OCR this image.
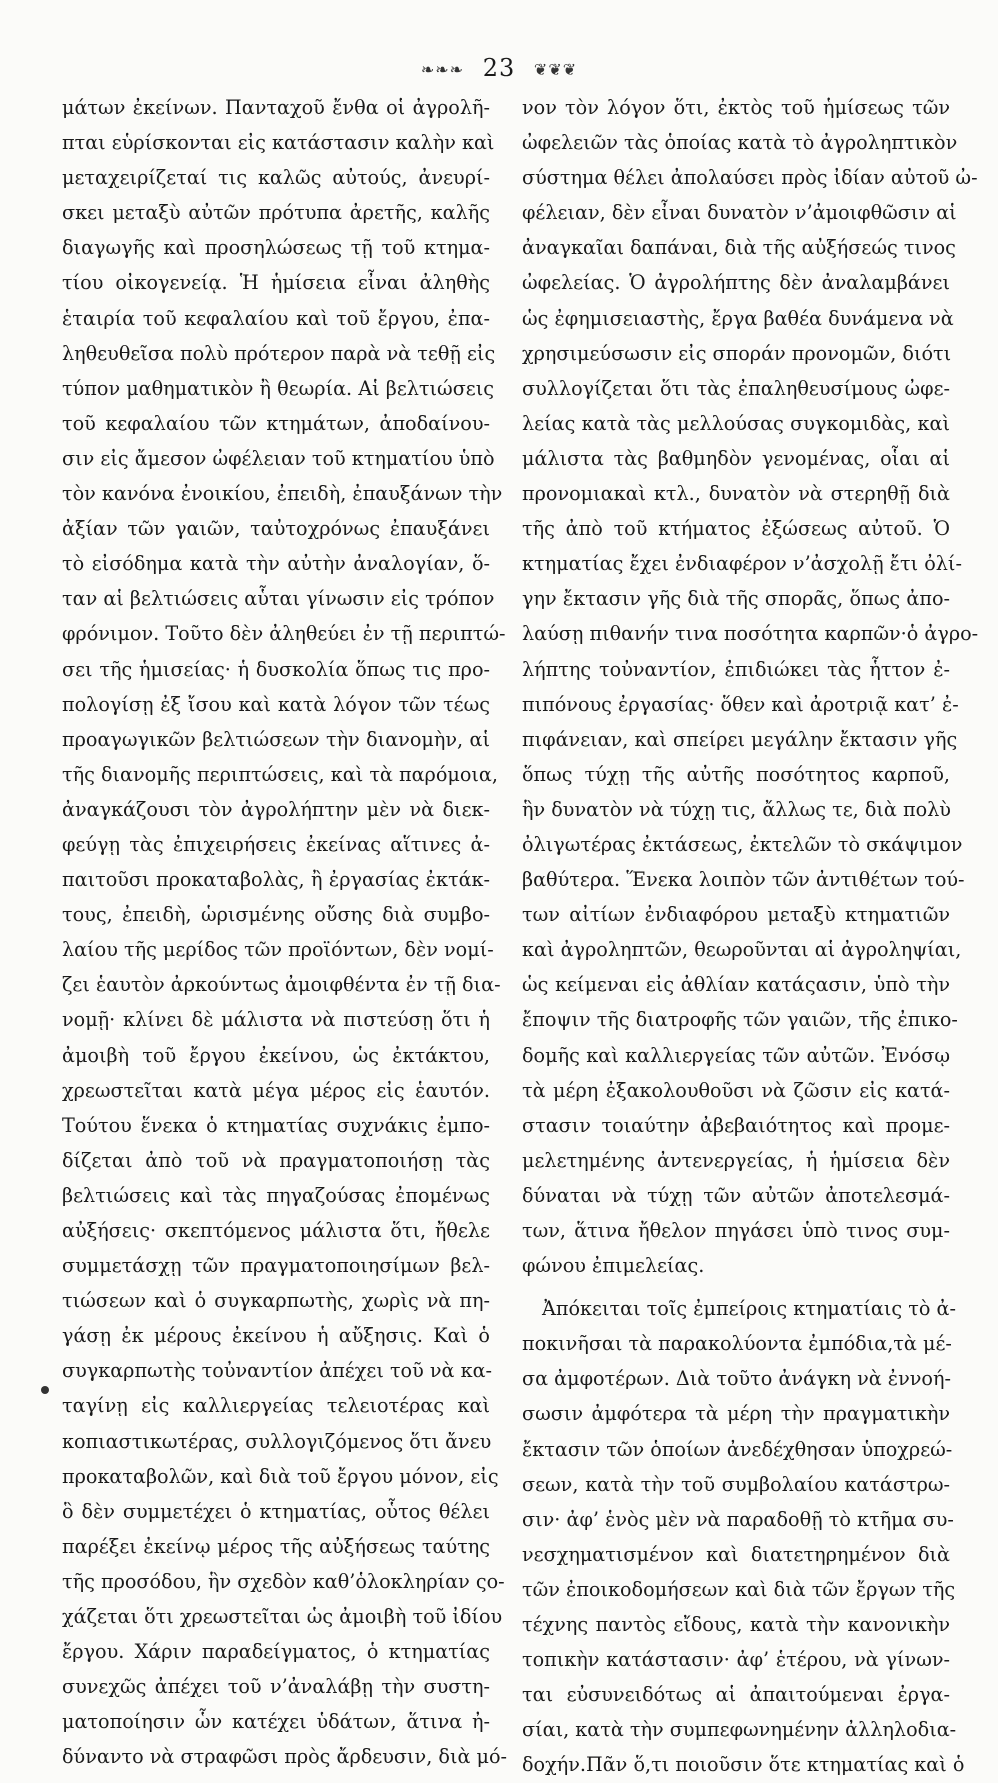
❧❧❧ 23 ❦❦❦
μάτων ἐκείνων. Πανταχοῦ ἔνθα οἱ ἀγρολῆ-
πται εὑρίσκονται εἰς κατάστασιν καλὴν καὶ
μεταχειρίζεταί τις καλῶς αὐτούς, ἀνευρί-
σκει μεταξὺ αὐτῶν πρότυπα ἀρετῆς, καλῆς
διαγωγῆς καὶ προσηλώσεως τῇ τοῦ κτημα-
τίου οἰκογενείᾳ. Ἡ ἡμίσεια εἶναι ἀληθὴς
ἑταιρία τοῦ κεφαλαίου καὶ τοῦ ἔργου, ἐπα-
ληθευθεῖσα πολὺ πρότερον παρὰ νὰ τεθῇ εἰς
τύπον μαθηματικὸν ἢ θεωρία. Αἱ βελτιώσεις
τοῦ κεφαλαίου τῶν κτημάτων, ἀποδαίνου-
σιν εἰς ἄμεσον ὠφέλειαν τοῦ κτηματίου ὑπὸ
τὸν κανόνα ἐνοικίου, ἐπειδὴ, ἐπαυξάνων τὴν
ἀξίαν τῶν γαιῶν, ταὐτοχρόνως ἐπαυξάνει
τὸ εἰσόδημα κατὰ τὴν αὐτὴν ἀναλογίαν, ὅ-
ταν αἱ βελτιώσεις αὗται γίνωσιν εἰς τρόπον
φρόνιμον. Τοῦτο δὲν ἀληθεύει ἐν τῇ περιπτώ-
σει τῆς ἡμισείας· ἡ δυσκολία ὅπως τις προ-
πολογίσῃ ἐξ ἴσου καὶ κατὰ λόγον τῶν τέως
προαγωγικῶν βελτιώσεων τὴν διανομὴν, αἱ
τῆς διανομῆς περιπτώσεις, καὶ τὰ παρόμοια,
ἀναγκάζουσι τὸν ἀγρολήπτην μὲν νὰ διεκ-
φεύγῃ τὰς ἐπιχειρήσεις ἐκείνας αἵτινες ἀ-
παιτοῦσι προκαταβολὰς, ἢ ἐργασίας ἐκτάκ-
τους, ἐπειδὴ, ὡρισμένης οὔσης διὰ συμβο-
λαίου τῆς μερίδος τῶν προϊόντων, δὲν νομί-
ζει ἑαυτὸν ἀρκούντως ἀμοιφθέντα ἐν τῇ δια-
νομῇ· κλίνει δὲ μάλιστα νὰ πιστεύσῃ ὅτι ἡ
ἀμοιβὴ τοῦ ἔργου ἐκείνου, ὡς ἐκτάκτου,
χρεωστεῖται κατὰ μέγα μέρος εἰς ἑαυτόν.
Τούτου ἕνεκα ὁ κτηματίας συχνάκις ἐμπο-
δίζεται ἀπὸ τοῦ νὰ πραγματοποιήσῃ τὰς
βελτιώσεις καὶ τὰς πηγαζούσας ἐπομένως
αὐξήσεις· σκεπτόμενος μάλιστα ὅτι, ἤθελε
συμμετάσχῃ τῶν πραγματοποιησίμων βελ-
τιώσεων καὶ ὁ συγκαρπωτὴς, χωρὶς νὰ πη-
γάσῃ ἐκ μέρους ἐκείνου ἡ αὔξησις. Καὶ ὁ
συγκαρπωτὴς τοὐναντίον ἀπέχει τοῦ νὰ κα-
ταγίνῃ εἰς καλλιεργείας τελειοτέρας καὶ
κοπιαστικωτέρας, συλλογιζόμενος ὅτι ἄνευ
προκαταβολῶν, καὶ διὰ τοῦ ἔργου μόνον, εἰς
ὃ δὲν συμμετέχει ὁ κτηματίας, οὗτος θέλει
παρέξει ἐκείνῳ μέρος τῆς αὐξήσεως ταύτης
τῆς προσόδου, ἣν σχεδὸν καθ’ὁλοκληρίαν ςο-
χάζεται ὅτι χρεωστεῖται ὡς ἀμοιβὴ τοῦ ἰδίου
ἔργου. Χάριν παραδείγματος, ὁ κτηματίας
συνεχῶς ἀπέχει τοῦ ν’ἀναλάβῃ τὴν συστη-
ματοποίησιν ὧν κατέχει ὑδάτων, ἅτινα ἠ-
δύναντο νὰ στραφῶσι πρὸς ἄρδευσιν, διὰ μό-
νον τὸν λόγον ὅτι, ἐκτὸς τοῦ ἡμίσεως τῶν
ὠφελειῶν τὰς ὁποίας κατὰ τὸ ἀγροληπτικὸν
σύστημα θέλει ἀπολαύσει πρὸς ἰδίαν αὐτοῦ ὠ-
φέλειαν, δὲν εἶναι δυνατὸν ν’ἀμοιφθῶσιν αἱ
ἀναγκαῖαι δαπάναι, διὰ τῆς αὐξήσεώς τινος
ὠφελείας. Ὁ ἀγρολήπτης δὲν ἀναλαμβάνει
ὡς ἐφημισειαστὴς, ἔργα βαθέα δυνάμενα νὰ
χρησιμεύσωσιν εἰς σποράν προνομῶν, διότι
συλλογίζεται ὅτι τὰς ἐπαληθευσίμους ὠφε-
λείας κατὰ τὰς μελλούσας συγκομιδὰς, καὶ
μάλιστα τὰς βαθμηδὸν γενομένας, οἷαι αἱ
προνομιακαὶ κτλ., δυνατὸν νὰ στερηθῇ διὰ
τῆς ἀπὸ τοῦ κτήματος ἐξώσεως αὐτοῦ. Ὁ
κτηματίας ἔχει ἐνδιαφέρον ν’ἀσχολῇ ἔτι ὀλί-
γην ἔκτασιν γῆς διὰ τῆς σπορᾶς, ὅπως ἀπο-
λαύσῃ πιθανήν τινα ποσότητα καρπῶν·ὁ ἀγρο-
λήπτης τοὐναντίον, ἐπιδιώκει τὰς ἧττον ἐ-
πιπόνους ἐργασίας· ὅθεν καὶ ἀροτριᾷ κατ’ ἐ-
πιφάνειαν, καὶ σπείρει μεγάλην ἔκτασιν γῆς
ὅπως τύχῃ τῆς αὐτῆς ποσότητος καρποῦ,
ἣν δυνατὸν νὰ τύχῃ τις, ἄλλως τε, διὰ πολὺ
ὀλιγωτέρας ἐκτάσεως, ἐκτελῶν τὸ σκάψιμον
βαθύτερα. Ἕνεκα λοιπὸν τῶν ἀντιθέτων τού-
των αἰτίων ἐνδιαφόρου μεταξὺ κτηματιῶν
καὶ ἀγροληπτῶν, θεωροῦνται αἱ ἀγροληψίαι,
ὡς κείμεναι εἰς ἀθλίαν κατάςασιν, ὑπὸ τὴν
ἔποψιν τῆς διατροφῆς τῶν γαιῶν, τῆς ἐπικο-
δομῆς καὶ καλλιεργείας τῶν αὐτῶν. Ἐνόσῳ
τὰ μέρη ἐξακολουθοῦσι νὰ ζῶσιν εἰς κατά-
στασιν τοιαύτην ἀβεβαιότητος καὶ προμε-
μελετημένης ἀντενεργείας, ἡ ἡμίσεια δὲν
δύναται νὰ τύχῃ τῶν αὐτῶν ἀποτελεσμά-
των, ἅτινα ἤθελον πηγάσει ὑπὸ τινος συμ-
φώνου ἐπιμελείας.
Ἀπόκειται τοῖς ἐμπείροις κτηματίαις τὸ ἀ-
ποκινῆσαι τὰ παρακολύοντα ἐμπόδια,τὰ μέ-
σα ἀμφοτέρων. Διὰ τοῦτο ἀνάγκη νὰ ἐννοή-
σωσιν ἀμφότερα τὰ μέρη τὴν πραγματικὴν
ἔκτασιν τῶν ὁποίων ἀνεδέχθησαν ὑποχρεώ-
σεων, κατὰ τὴν τοῦ συμβολαίου κατάστρω-
σιν· ἀφ’ ἑνὸς μὲν νὰ παραδοθῇ τὸ κτῆμα συ-
νεσχηματισμένον καὶ διατετηρημένον διὰ
τῶν ἐποικοδομήσεων καὶ διὰ τῶν ἔργων τῆς
τέχνης παντὸς εἴδους, κατὰ τὴν κανονικὴν
τοπικὴν κατάστασιν· ἀφ’ ἑτέρου, νὰ γίνων-
ται εὐσυνειδότως αἱ ἀπαιτούμεναι ἐργα-
σίαι, κατὰ τὴν συμπεφωνημένην ἀλληλοδια-
δοχήν.Πᾶν ὅ,τι ποιοῦσιν ὅτε κτηματίας καὶ ὁ
